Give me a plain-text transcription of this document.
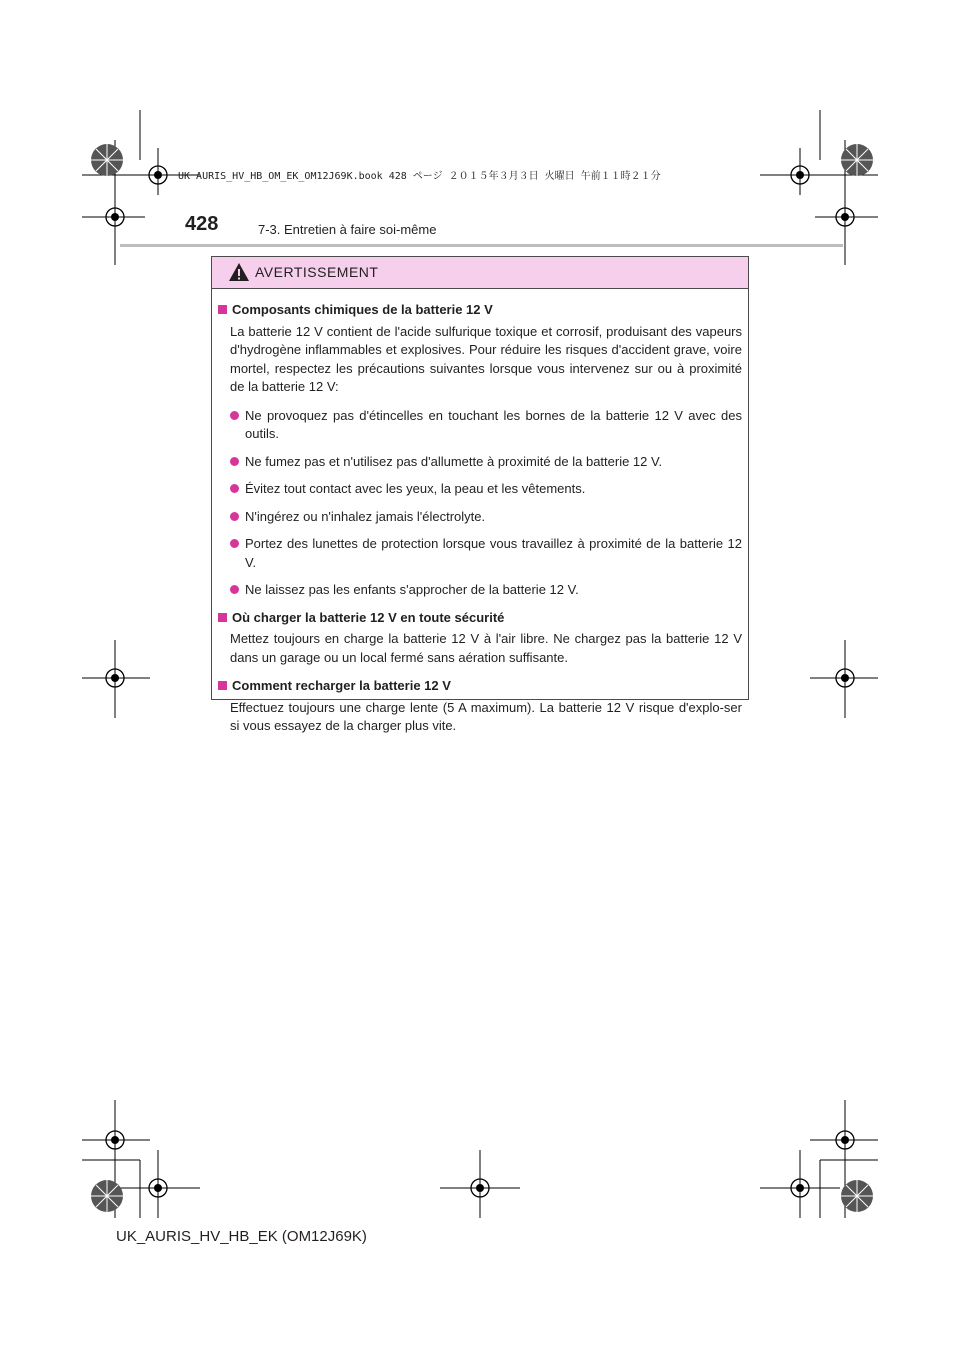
UK AURIS_HV_HB_OM_EK_OM12J69K.book 428 ページ ２０１５年３月３日 火曜日 午前１１時２１分
428	7-3. Entretien à faire soi-même
AVERTISSEMENT
Composants chimiques de la batterie 12 V
La batterie 12 V contient de l'acide sulfurique toxique et corrosif, produisant des vapeurs d'hydrogène inflammables et explosives. Pour réduire les risques d'accident grave, voire mortel, respectez les précautions suivantes lorsque vous intervenez sur ou à proximité de la batterie 12 V:
Ne provoquez pas d'étincelles en touchant les bornes de la batterie 12 V avec des outils.
Ne fumez pas et n'utilisez pas d'allumette à proximité de la batterie 12 V.
Évitez tout contact avec les yeux, la peau et les vêtements.
N'ingérez ou n'inhalez jamais l'électrolyte.
Portez des lunettes de protection lorsque vous travaillez à proximité de la batterie 12 V.
Ne laissez pas les enfants s'approcher de la batterie 12 V.
Où charger la batterie 12 V en toute sécurité
Mettez toujours en charge la batterie 12 V à l'air libre. Ne chargez pas la batterie 12 V dans un garage ou un local fermé sans aération suffisante.
Comment recharger la batterie 12 V
Effectuez toujours une charge lente (5 A maximum). La batterie 12 V risque d'explo-ser si vous essayez de la charger plus vite.
UK_AURIS_HV_HB_EK (OM12J69K)
